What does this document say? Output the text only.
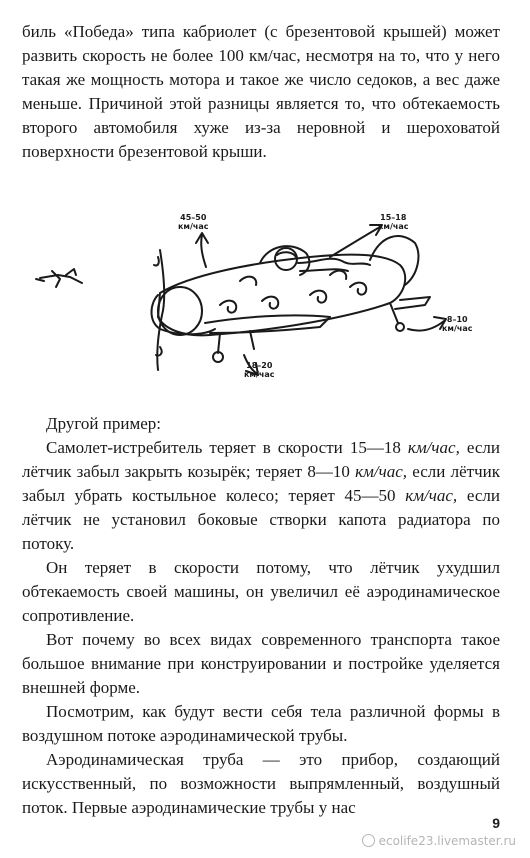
биль «Победа» типа кабриолет (с брезентовой крышей) может развить скорость не более 100 км/час, несмотря на то, что у него такая же мощность мотора и такое же число седоков, а вес даже меньше. Причиной этой разницы является то, что обтекаемость второго автомобиля хуже из-за неровной и шероховатой поверхности брезентовой крыши.

45–50
км/час
15–18
км/час
8–10
км/час
18–20
км/час

Другой пример:

Самолет-истребитель теряет в скорости 15—18 км/час, если лётчик забыл закрыть козырёк; теряет 8—10 км/час, если лётчик забыл убрать костыльное колесо; теряет 45—50 км/час, если лётчик не установил боковые створки капота радиатора по потоку.

Он теряет в скорости потому, что лётчик ухудшил обтекаемость своей машины, он увеличил её аэродинамическое сопротивление.

Вот почему во всех видах современного транспорта такое большое внимание при конструировании и постройке уделяется внешней форме.

Посмотрим, как будут вести себя тела различной формы в воздушном потоке аэродинамической трубы.

Аэродинамическая труба — это прибор, создающий искусственный, по возможности выпрямленный, воздушный поток. Первые аэродинамические трубы у нас

9
ecolife23.livemaster.ru
